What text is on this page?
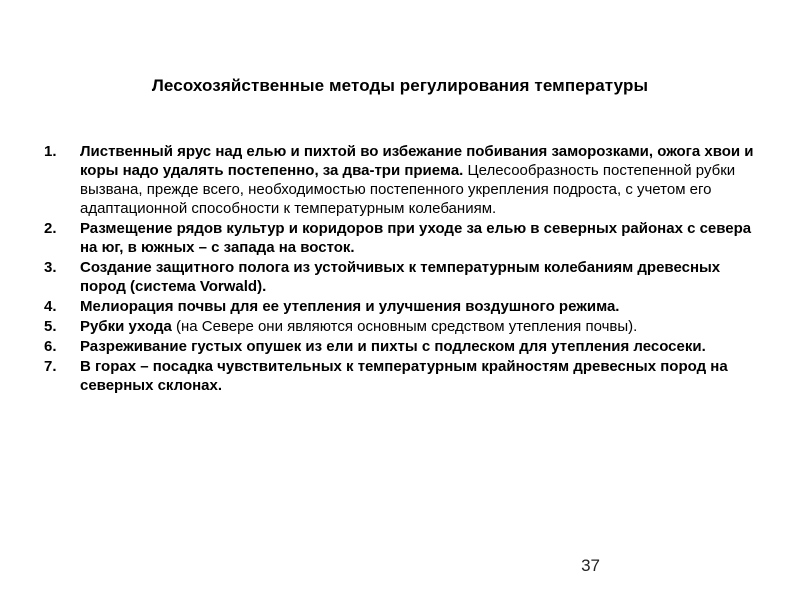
Лесохозяйственные методы регулирования температуры
1. Лиственный ярус над елью и пихтой во избежание побивания заморозками, ожога хвои и коры надо удалять постепенно, за два-три приема. Целесообразность постепенной рубки вызвана, прежде всего, необходимостью постепенного укрепления подроста, с учетом его адаптационной способности к температурным колебаниям.
2. Размещение рядов культур и коридоров при уходе за елью в северных районах с севера на юг, в южных – с запада на восток.
3. Создание защитного полога из устойчивых к температурным колебаниям древесных пород (система Vorwald).
4. Мелиорация почвы для ее утепления и улучшения воздушного режима.
5. Рубки ухода (на Севере они являются основным средством утепления почвы).
6. Разреживание густых опушек из ели и пихты с подлеском для утепления лесосеки.
7. В горах – посадка чувствительных к температурным крайностям древесных пород на северных склонах.
37
